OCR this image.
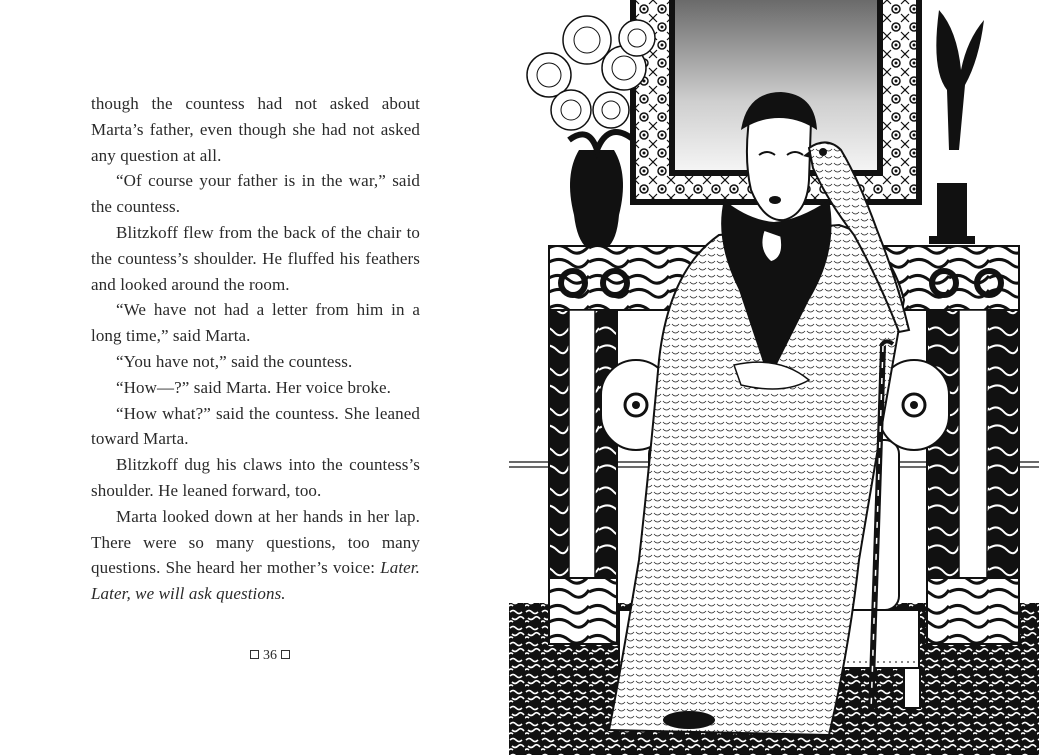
though the countess had not asked about Marta’s father, even though she had not asked any question at all.

“Of course your father is in the war,” said the countess.

Blitzkoff flew from the back of the chair to the countess’s shoulder. He fluffed his feathers and looked around the room.

“We have not had a letter from him in a long time,” said Marta.

“You have not,” said the countess.

“How—?” said Marta. Her voice broke.

“How what?” said the countess. She leaned toward Marta.

Blitzkoff dug his claws into the countess’s shoulder. He leaned forward, too.

Marta looked down at her hands in her lap. There were so many questions, too many questions. She heard her mother’s voice: Later. Later, we will ask questions.

36
